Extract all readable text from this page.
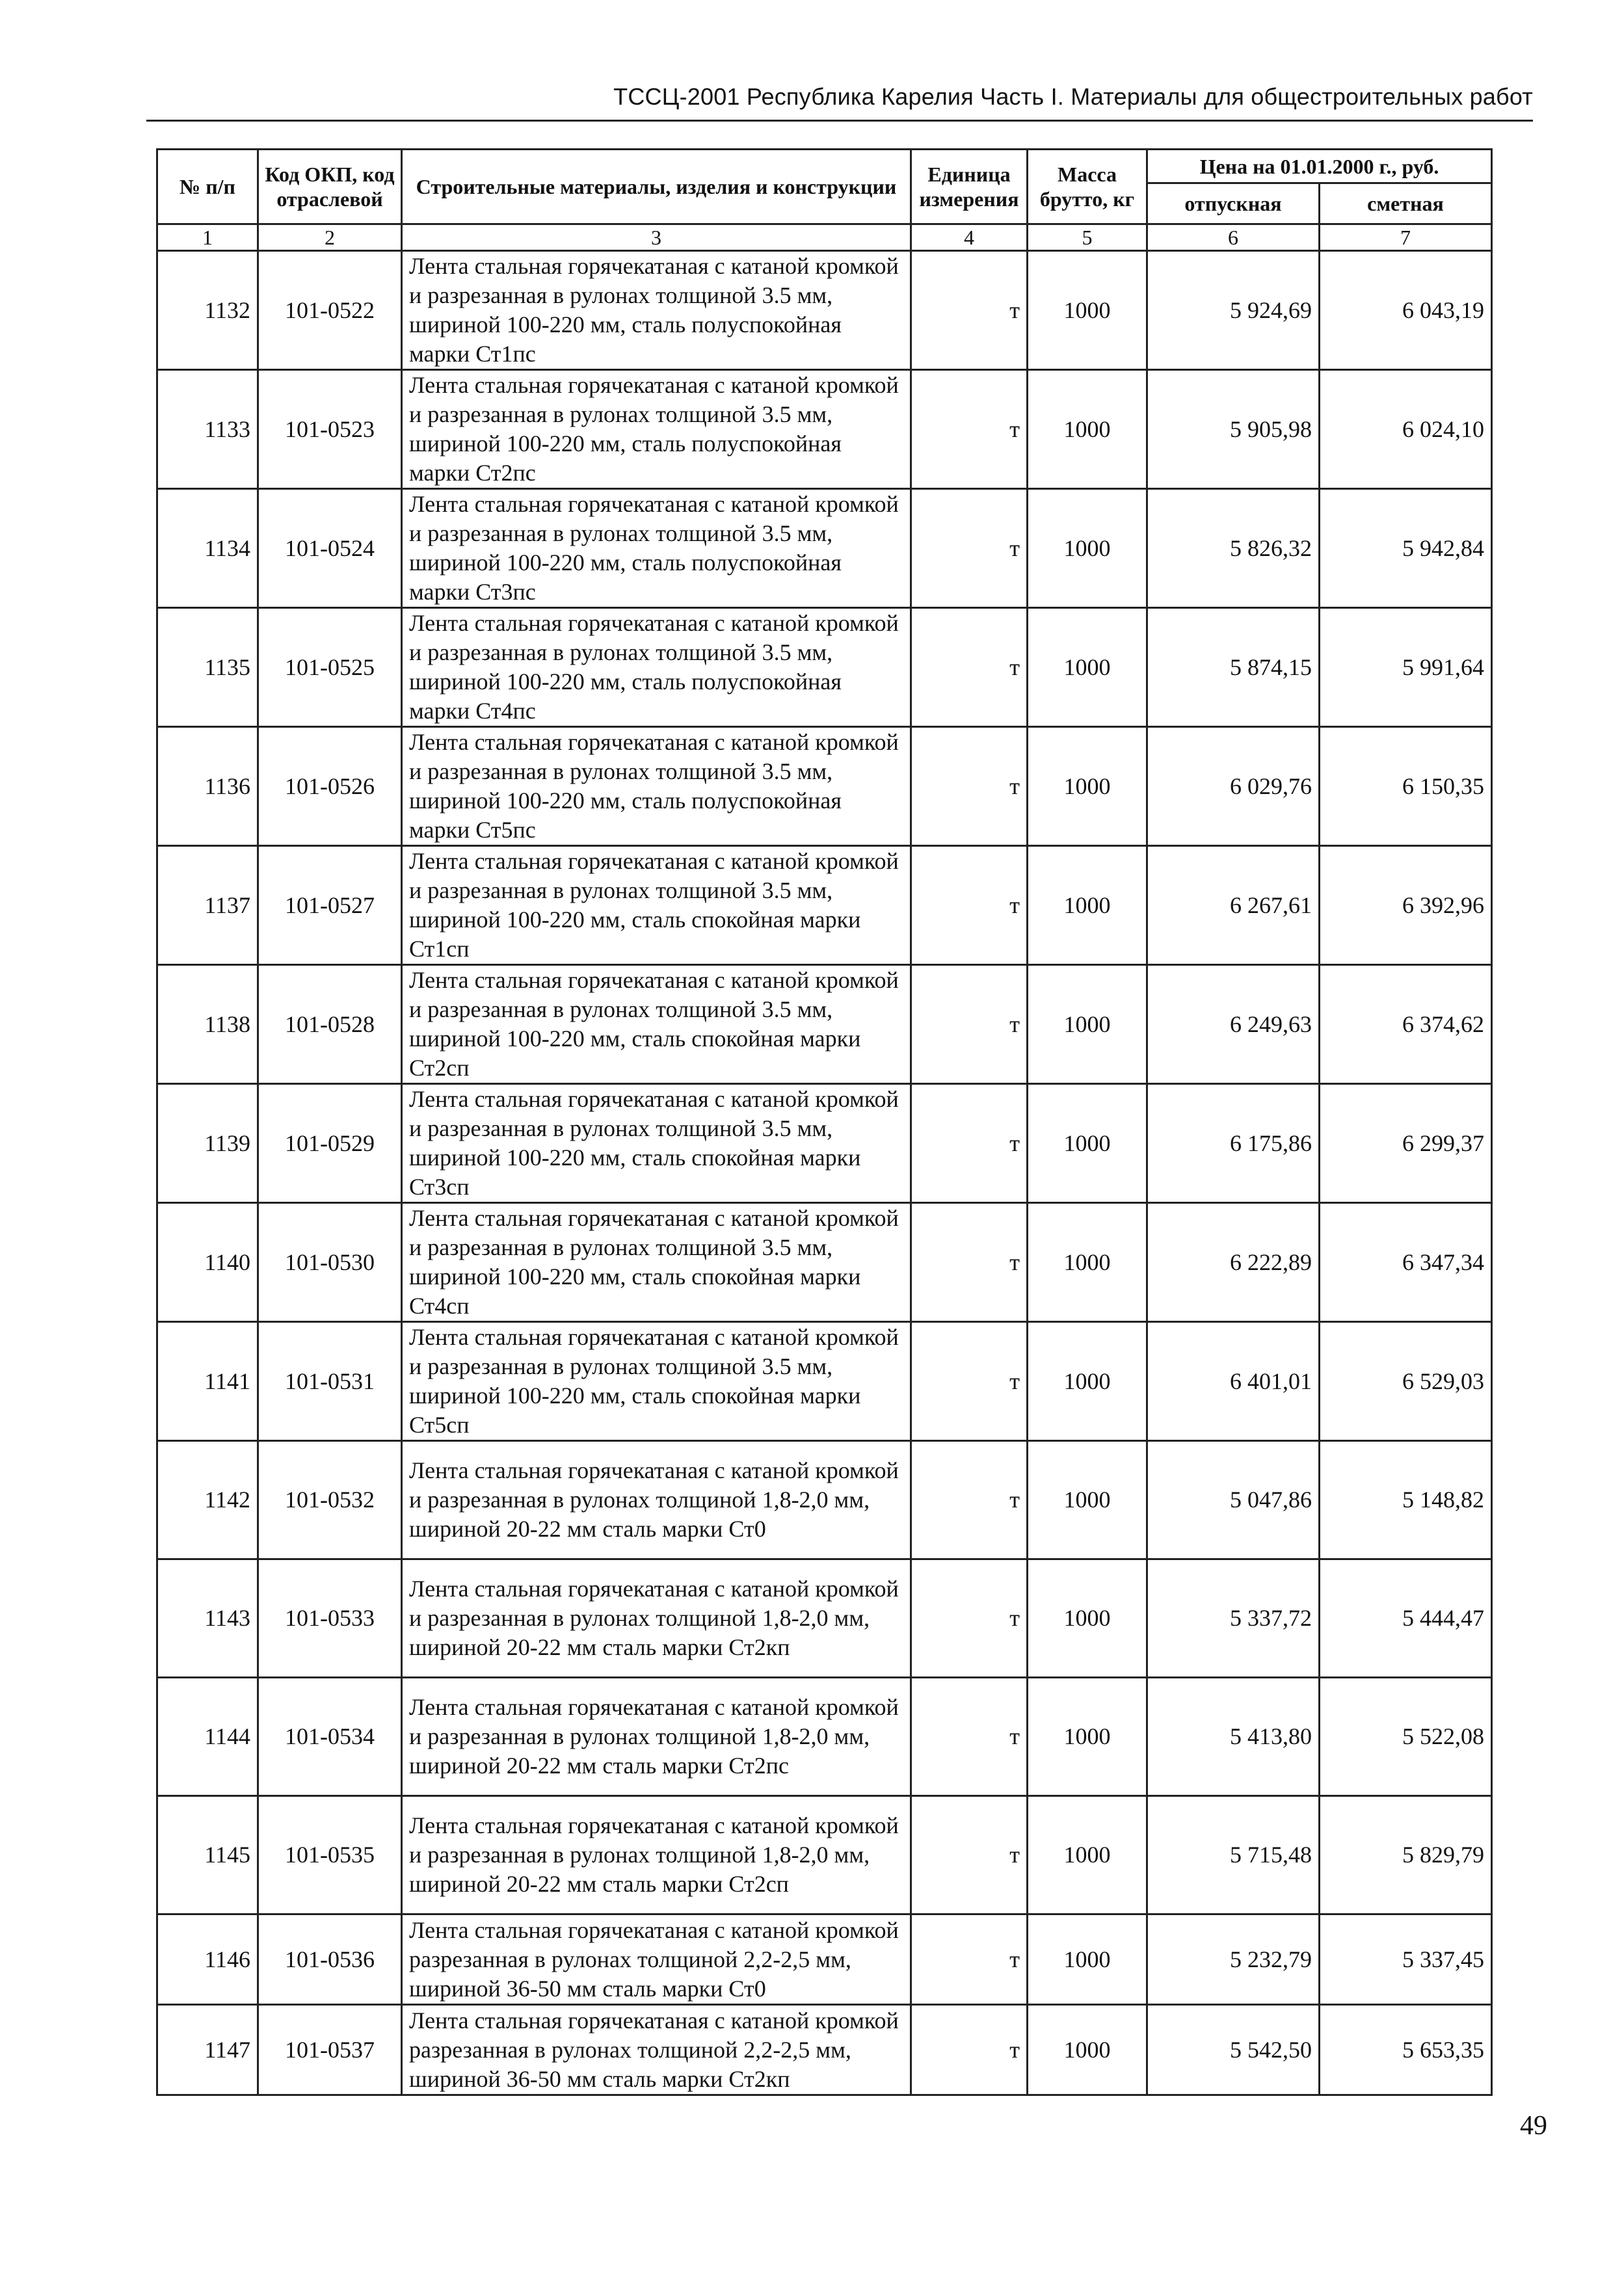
ТССЦ-2001 Республика Карелия Часть I. Материалы для общестроительных работ
№ п/п	Код ОКП, код отраслевой	Строительные материалы, изделия и конструкции	Единица измерения	Масса брутто, кг	Цена на 01.01.2000 г., руб.	
					отпускная	сметная
1	2	3	4	5	6	7
1132	101-0522	Лента стальная горячекатаная с катаной кромкой и разрезанная в рулонах толщиной 3.5 мм, шириной 100-220 мм, сталь полуспокойная марки Ст1пс	т	1000	5 924,69	6 043,19
1133	101-0523	Лента стальная горячекатаная с катаной кромкой и разрезанная в рулонах толщиной 3.5 мм, шириной 100-220 мм, сталь полуспокойная марки Ст2пс	т	1000	5 905,98	6 024,10
1134	101-0524	Лента стальная горячекатаная с катаной кромкой и разрезанная в рулонах толщиной 3.5 мм, шириной 100-220 мм, сталь полуспокойная марки Ст3пс	т	1000	5 826,32	5 942,84
1135	101-0525	Лента стальная горячекатаная с катаной кромкой и разрезанная в рулонах толщиной 3.5 мм, шириной 100-220 мм, сталь полуспокойная марки Ст4пс	т	1000	5 874,15	5 991,64
1136	101-0526	Лента стальная горячекатаная с катаной кромкой и разрезанная в рулонах толщиной 3.5 мм, шириной 100-220 мм, сталь полуспокойная марки Ст5пс	т	1000	6 029,76	6 150,35
1137	101-0527	Лента стальная горячекатаная с катаной кромкой и разрезанная в рулонах толщиной 3.5 мм, шириной 100-220 мм, сталь спокойная марки Ст1сп	т	1000	6 267,61	6 392,96
1138	101-0528	Лента стальная горячекатаная с катаной кромкой и разрезанная в рулонах толщиной 3.5 мм, шириной 100-220 мм, сталь спокойная марки Ст2сп	т	1000	6 249,63	6 374,62
1139	101-0529	Лента стальная горячекатаная с катаной кромкой и разрезанная в рулонах толщиной 3.5 мм, шириной 100-220 мм, сталь спокойная марки Ст3сп	т	1000	6 175,86	6 299,37
1140	101-0530	Лента стальная горячекатаная с катаной кромкой и разрезанная в рулонах толщиной 3.5 мм, шириной 100-220 мм, сталь спокойная марки Ст4сп	т	1000	6 222,89	6 347,34
1141	101-0531	Лента стальная горячекатаная с катаной кромкой и разрезанная в рулонах толщиной 3.5 мм, шириной 100-220 мм, сталь спокойная марки Ст5сп	т	1000	6 401,01	6 529,03
1142	101-0532	Лента стальная горячекатаная с катаной кромкой и разрезанная в рулонах толщиной 1,8-2,0 мм, шириной 20-22 мм сталь марки Ст0	т	1000	5 047,86	5 148,82
1143	101-0533	Лента стальная горячекатаная с катаной кромкой и разрезанная в рулонах толщиной 1,8-2,0 мм, шириной 20-22 мм сталь марки Ст2кп	т	1000	5 337,72	5 444,47
1144	101-0534	Лента стальная горячекатаная с катаной кромкой и разрезанная в рулонах толщиной 1,8-2,0 мм, шириной 20-22 мм сталь марки Ст2пс	т	1000	5 413,80	5 522,08
1145	101-0535	Лента стальная горячекатаная с катаной кромкой и разрезанная в рулонах толщиной 1,8-2,0 мм, шириной 20-22 мм сталь марки Ст2сп	т	1000	5 715,48	5 829,79
1146	101-0536	Лента стальная горячекатаная с катаной кромкой разрезанная в рулонах толщиной 2,2-2,5 мм, шириной 36-50 мм сталь марки Ст0	т	1000	5 232,79	5 337,45
1147	101-0537	Лента стальная горячекатаная с катаной кромкой разрезанная в рулонах толщиной 2,2-2,5 мм, шириной 36-50 мм сталь марки Ст2кп	т	1000	5 542,50	5 653,35
49
